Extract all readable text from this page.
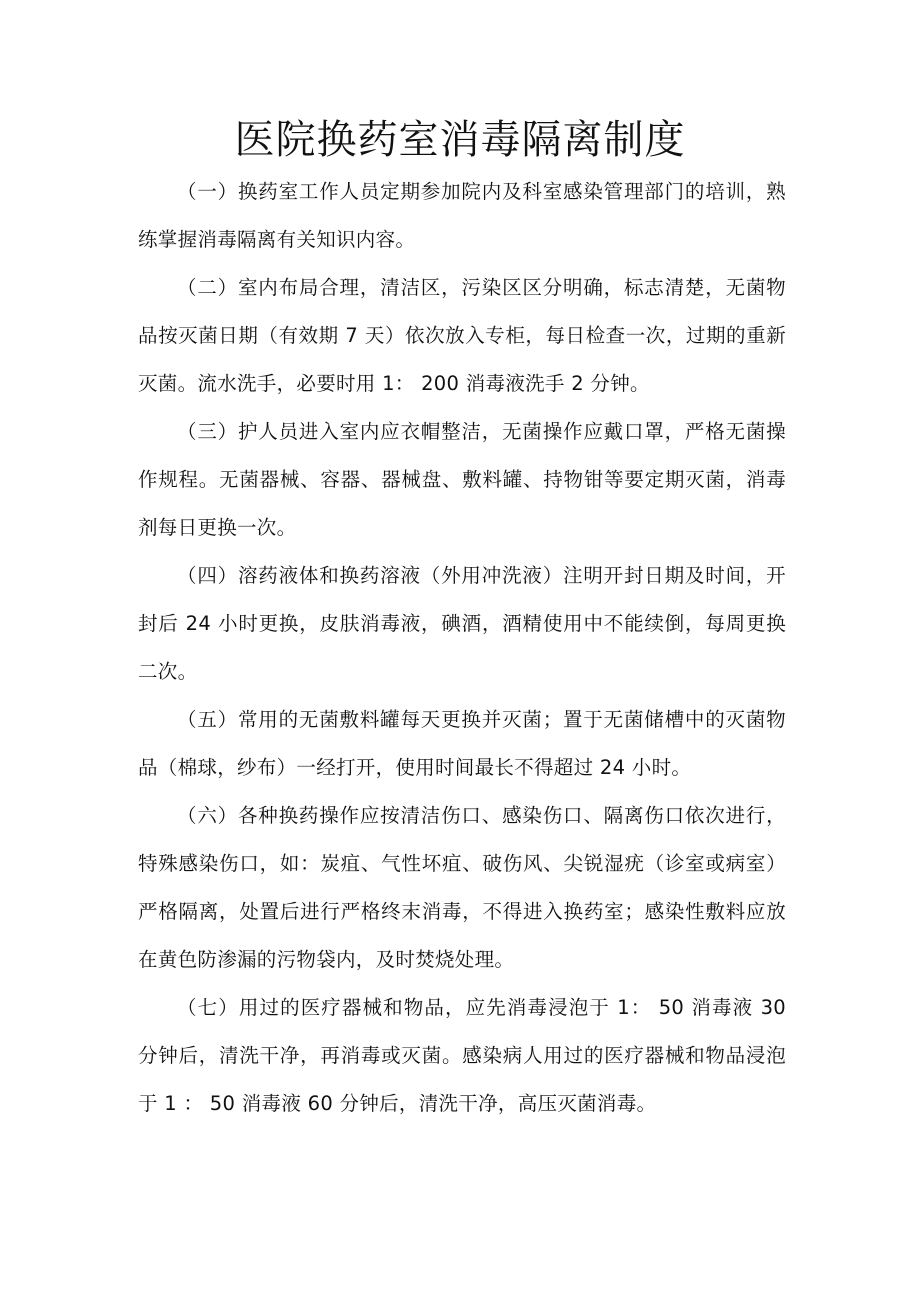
医院换药室消毒隔离制度

（一）换药室工作人员定期参加院内及科室感染管理部门的培训，熟练掌握消毒隔离有关知识内容。

（二）室内布局合理，清洁区，污染区区分明确，标志清楚，无菌物品按灭菌日期（有效期 7 天）依次放入专柜，每日检查一次，过期的重新灭菌。流水洗手，必要时用 1： 200 消毒液洗手 2 分钟。

（三）护人员进入室内应衣帽整洁，无菌操作应戴口罩，严格无菌操作规程。无菌器械、容器、器械盘、敷料罐、持物钳等要定期灭菌，消毒剂每日更换一次。

（四）溶药液体和换药溶液（外用冲洗液）注明开封日期及时间，开封后 24 小时更换，皮肤消毒液，碘酒，酒精使用中不能续倒，每周更换二次。

（五）常用的无菌敷料罐每天更换并灭菌；置于无菌储槽中的灭菌物品（棉球，纱布）一经打开，使用时间最长不得超过 24 小时。

（六）各种换药操作应按清洁伤口、感染伤口、隔离伤口依次进行，特殊感染伤口，如：炭疽、气性坏疽、破伤风、尖锐湿疣（诊室或病室）严格隔离，处置后进行严格终末消毒，不得进入换药室；感染性敷料应放在黄色防渗漏的污物袋内，及时焚烧处理。

（七）用过的医疗器械和物品，应先消毒浸泡于 1： 50 消毒液 30 分钟后，清洗干净，再消毒或灭菌。感染病人用过的医疗器械和物品浸泡于 1 ： 50 消毒液 60 分钟后，清洗干净，高压灭菌消毒。
